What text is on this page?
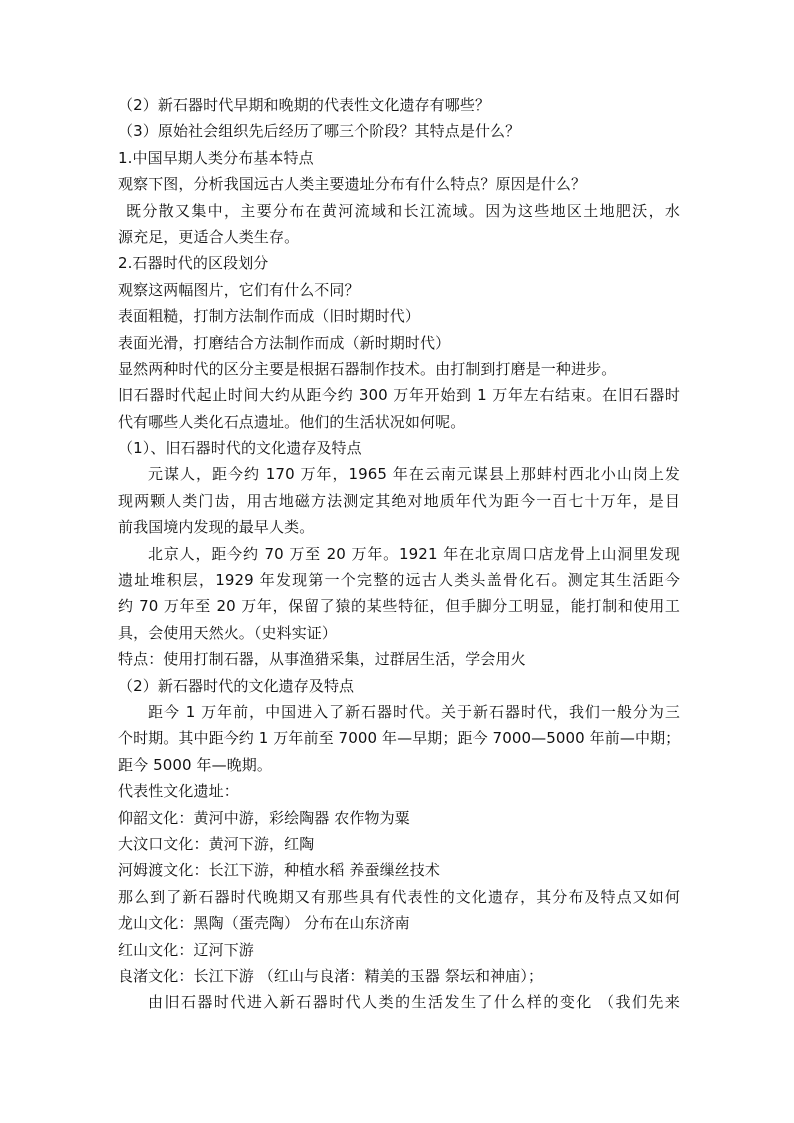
（2）新石器时代早期和晚期的代表性文化遗存有哪些？
（3）原始社会组织先后经历了哪三个阶段？其特点是什么？
1.中国早期人类分布基本特点
观察下图，分析我国远古人类主要遗址分布有什么特点？原因是什么？
既分散又集中，主要分布在黄河流域和长江流域。因为这些地区土地肥沃，水
源充足，更适合人类生存。
2.石器时代的区段划分
观察这两幅图片，它们有什么不同？
表面粗糙，打制方法制作而成（旧时期时代）
表面光滑，打磨结合方法制作而成（新时期时代）
显然两种时代的区分主要是根据石器制作技术。由打制到打磨是一种进步。
旧石器时代起止时间大约从距今约 300 万年开始到 1 万年左右结束。在旧石器时
代有哪些人类化石点遗址。他们的生活状况如何呢。
（1）、旧石器时代的文化遗存及特点
元谋人，距今约 170 万年，1965 年在云南元谋县上那蚌村西北小山岗上发
现两颗人类门齿，用古地磁方法测定其绝对地质年代为距今一百七十万年，是目
前我国境内发现的最早人类。
北京人，距今约 70 万至 20 万年。1921 年在北京周口店龙骨上山洞里发现
遗址堆积层，1929 年发现第一个完整的远古人类头盖骨化石。测定其生活距今
约 70 万年至 20 万年，保留了猿的某些特征，但手脚分工明显，能打制和使用工
具，会使用天然火。（史料实证）
特点：使用打制石器，从事渔猎采集，过群居生活，学会用火
（2）新石器时代的文化遗存及特点
距今 1 万年前，中国进入了新石器时代。关于新石器时代，我们一般分为三
个时期。其中距今约 1 万年前至 7000 年—早期；距今 7000—5000 年前—中期；
距今 5000 年—晚期。
代表性文化遗址：
仰韶文化：黄河中游，彩绘陶器 农作物为粟
大汶口文化：黄河下游，红陶
河姆渡文化：长江下游，种植水稻 养蚕缫丝技术
那么到了新石器时代晚期又有那些具有代表性的文化遗存，其分布及特点又如何
龙山文化：黑陶（蛋壳陶） 分布在山东济南
红山文化：辽河下游
良渚文化：长江下游 （红山与良渚：精美的玉器 祭坛和神庙）；
由旧石器时代进入新石器时代人类的生活发生了什么样的变化 （我们先来
